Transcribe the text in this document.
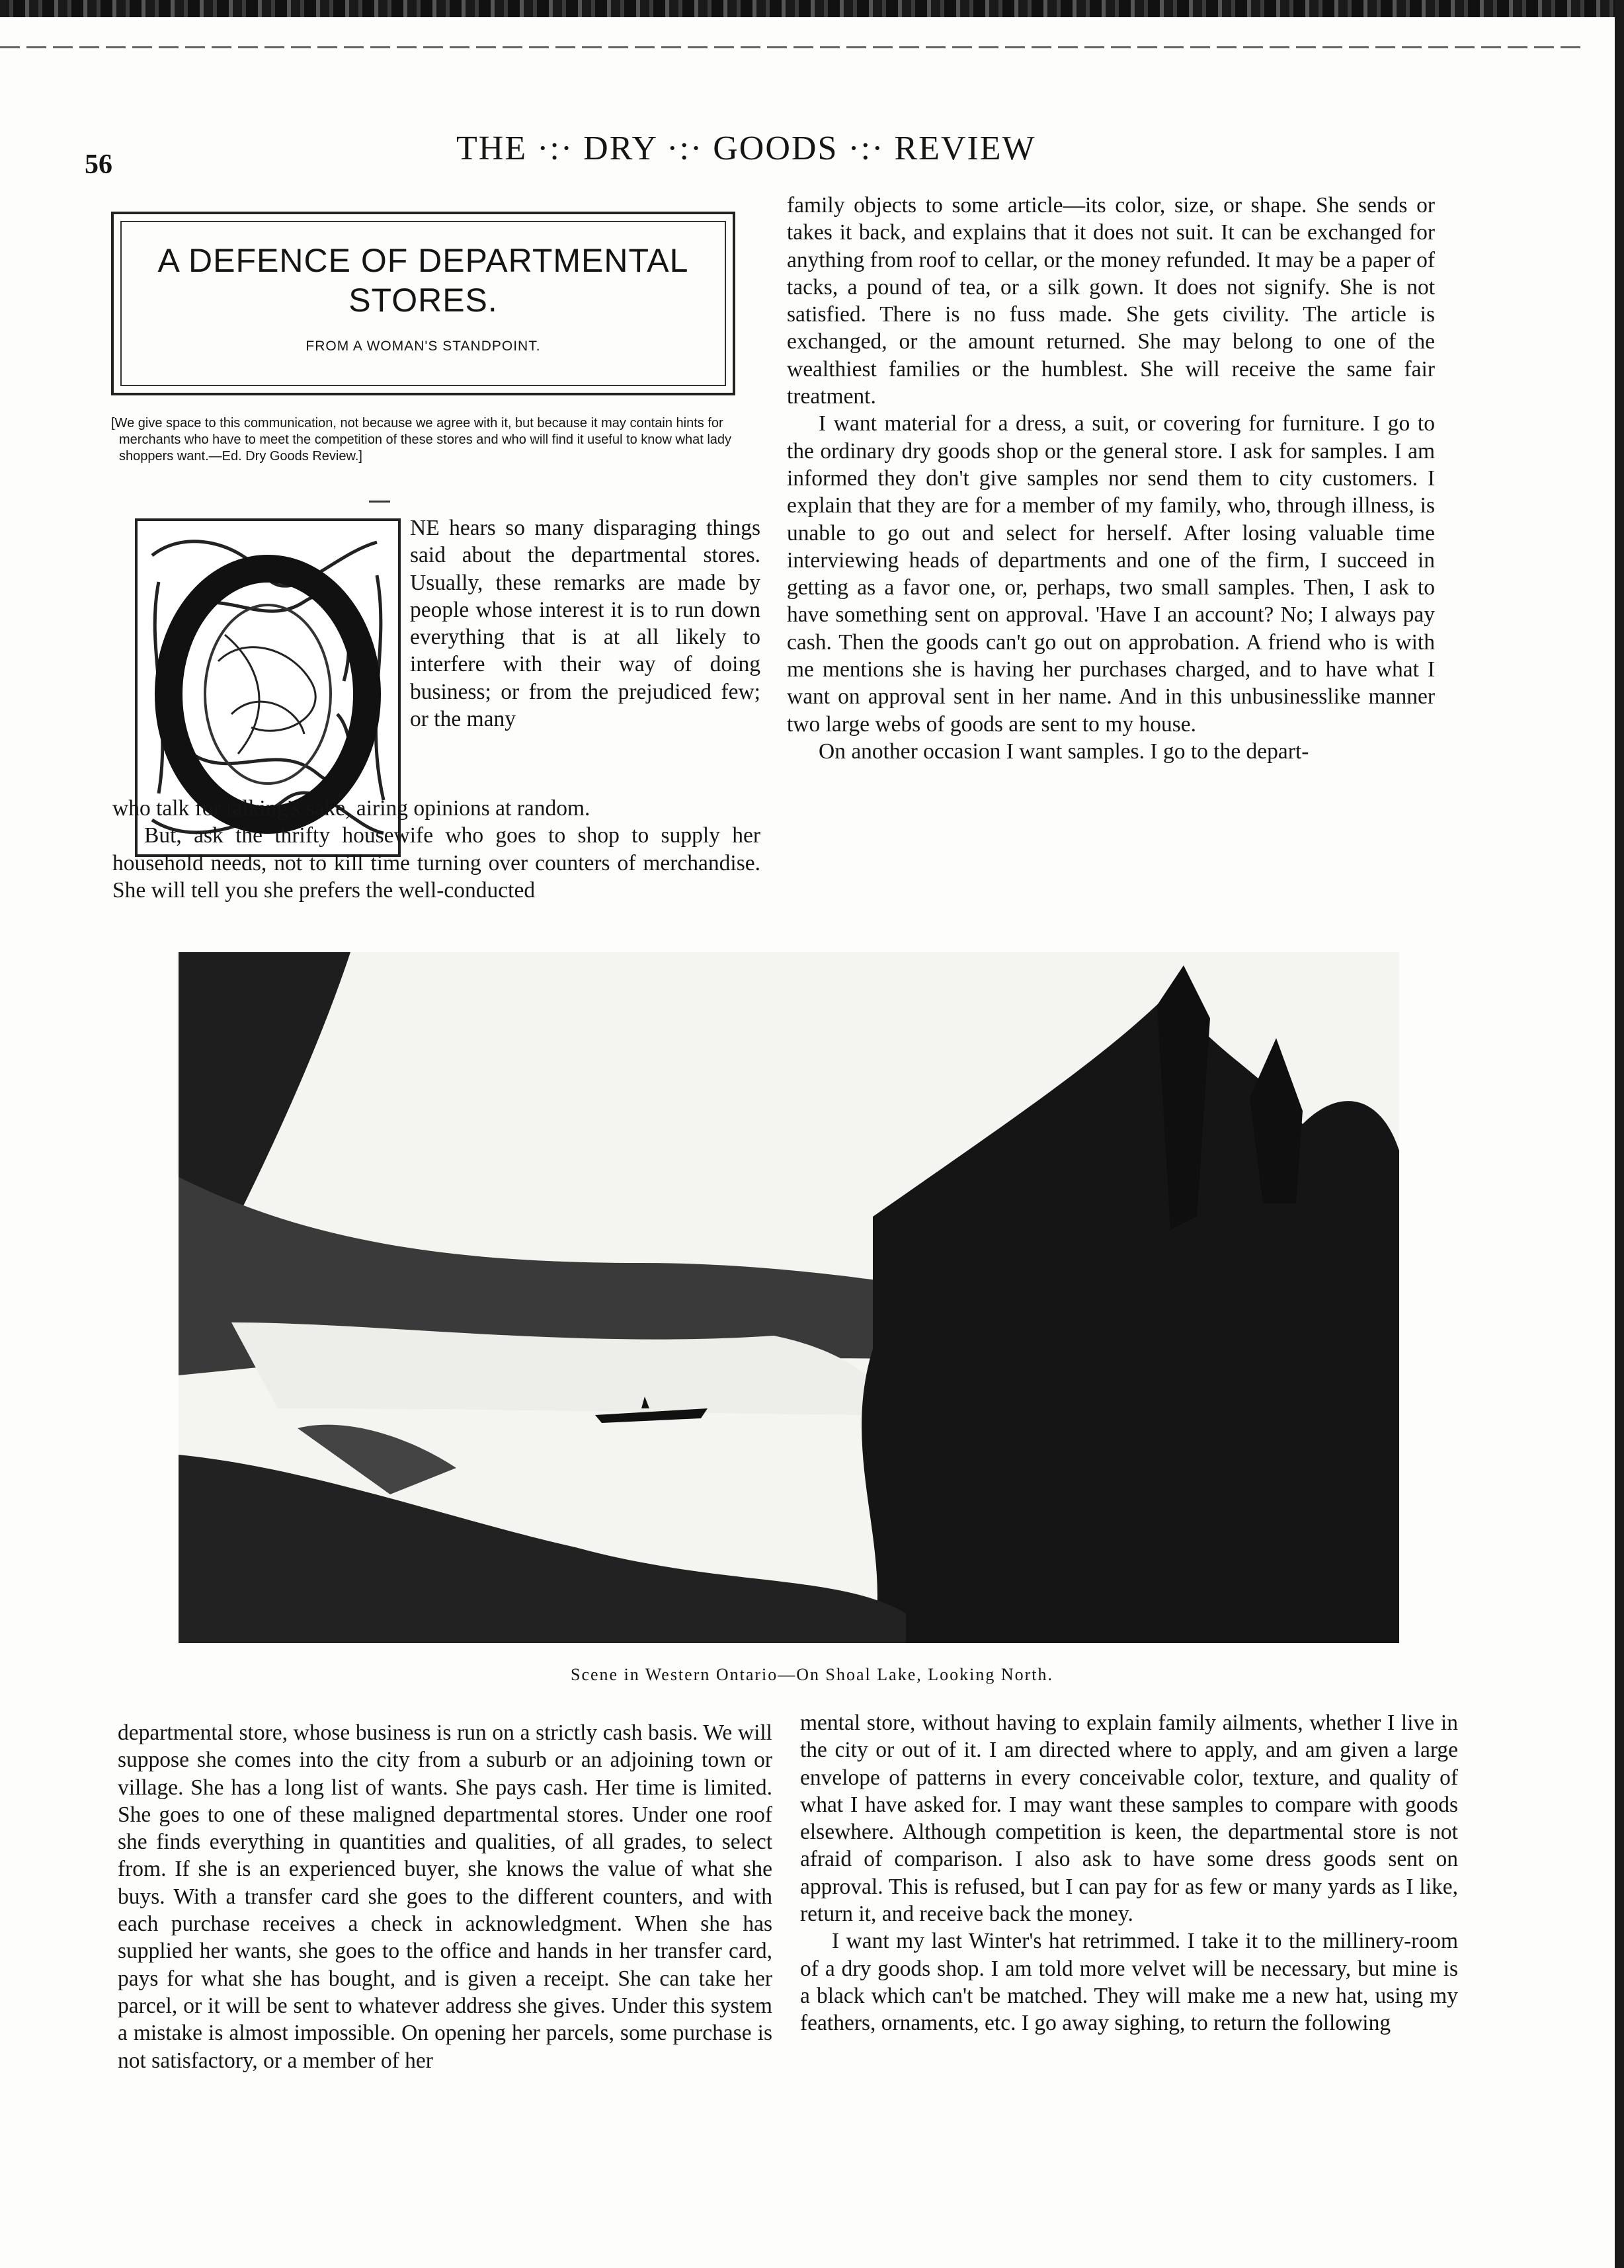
56	THE ·:· DRY ·:· GOODS ·:· REVIEW
A DEFENCE OF DEPARTMENTAL STORES.
FROM A WOMAN'S STANDPOINT.
[We give space to this communication, not because we agree with it, but because it may contain hints for merchants who have to meet the competition of these stores and who will find it useful to know what lady shoppers want.—Ed. Dry Goods Review.]
NE hears so many disparaging things said about the departmental stores. Usually, these remarks are made by people whose interest it is to run down everything that is at all likely to interfere with their way of doing business; or from the prejudiced few; or the many

who talk for talking's sake, airing opinions at random.

But, ask the thrifty housewife who goes to shop to supply her household needs, not to kill time turning over counters of merchandise. She will tell you she prefers the well-conducted

family objects to some article—its color, size, or shape. She sends or takes it back, and explains that it does not suit. It can be exchanged for anything from roof to cellar, or the money refunded. It may be a paper of tacks, a pound of tea, or a silk gown. It does not signify. She is not satisfied. There is no fuss made. She gets civility. The article is exchanged, or the amount returned. She may belong to one of the wealthiest families or the humblest. She will receive the same fair treatment.

I want material for a dress, a suit, or covering for furniture. I go to the ordinary dry goods shop or the general store. I ask for samples. I am informed they don't give samples nor send them to city customers. I explain that they are for a member of my family, who, through illness, is unable to go out and select for herself. After losing valuable time interviewing heads of departments and one of the firm, I succeed in getting as a favor one, or, perhaps, two small samples. Then, I ask to have something sent on approval. 'Have I an account? No; I always pay cash. Then the goods can't go out on approbation. A friend who is with me mentions she is having her purchases charged, and to have what I want on approval sent in her name. And in this unbusinesslike manner two large webs of goods are sent to my house.

On another occasion I want samples. I go to the depart-

Scene in Western Ontario—On Shoal Lake, Looking North.

departmental store, whose business is run on a strictly cash basis. We will suppose she comes into the city from a suburb or an adjoining town or village. She has a long list of wants. She pays cash. Her time is limited. She goes to one of these maligned departmental stores. Under one roof she finds everything in quantities and qualities, of all grades, to select from. If she is an experienced buyer, she knows the value of what she buys. With a transfer card she goes to the different counters, and with each purchase receives a check in acknowledgment. When she has supplied her wants, she goes to the office and hands in her transfer card, pays for what she has bought, and is given a receipt. She can take her parcel, or it will be sent to whatever address she gives. Under this system a mistake is almost impossible. On opening her parcels, some purchase is not satisfactory, or a member of her

mental store, without having to explain family ailments, whether I live in the city or out of it. I am directed where to apply, and am given a large envelope of patterns in every conceivable color, texture, and quality of what I have asked for. I may want these samples to compare with goods elsewhere. Although competition is keen, the departmental store is not afraid of comparison. I also ask to have some dress goods sent on approval. This is refused, but I can pay for as few or many yards as I like, return it, and receive back the money.

I want my last Winter's hat retrimmed. I take it to the millinery-room of a dry goods shop. I am told more velvet will be necessary, but mine is a black which can't be matched. They will make me a new hat, using my feathers, ornaments, etc. I go away sighing, to return the following
